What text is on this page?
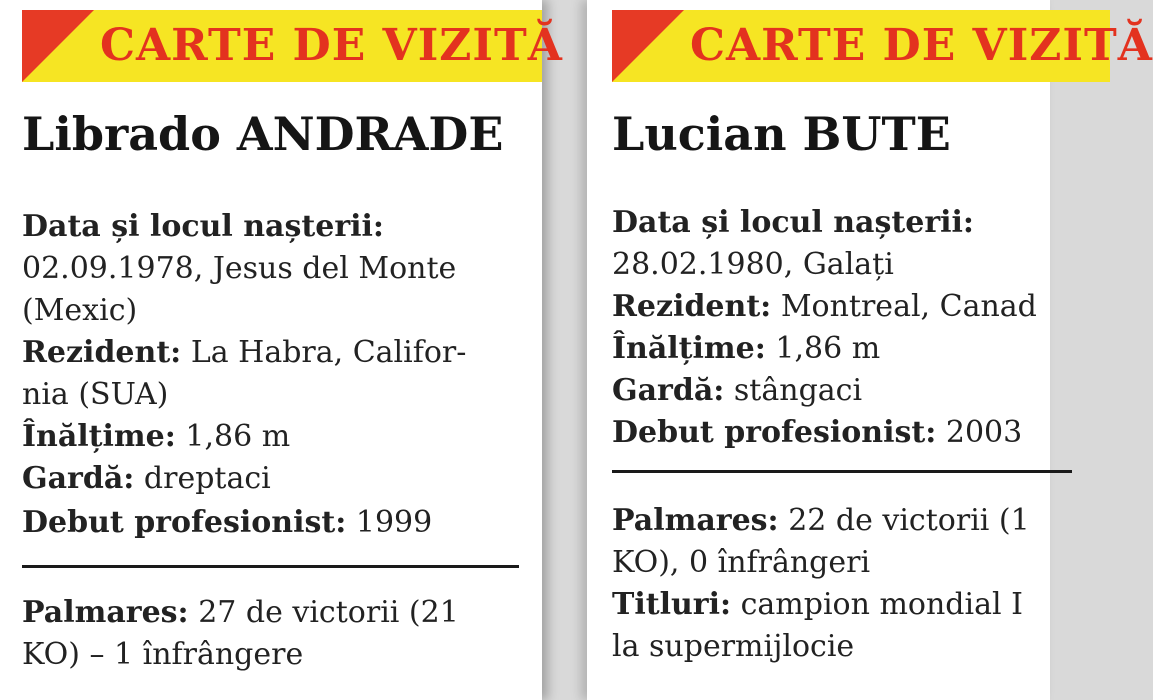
CARTE DE VIZITĂ
Librado ANDRADE
Data și locul nașterii:
02.09.1978, Jesus del Monte
(Mexic)
Rezident: La Habra, Califor-
nia (SUA)
Înălțime: 1,86 m
Gardă: dreptaci
Debut profesionist: 1999
Palmares: 27 de victorii (21
KO) – 1 înfrângere
CARTE DE VIZITĂ
Lucian BUTE
Data și locul nașterii:
28.02.1980, Galați
Rezident: Montreal, Canad
Înălțime: 1,86 m
Gardă: stângaci
Debut profesionist: 2003
Palmares: 22 de victorii (1
KO), 0 înfrângeri
Titluri: campion mondial I
la supermijlocie
